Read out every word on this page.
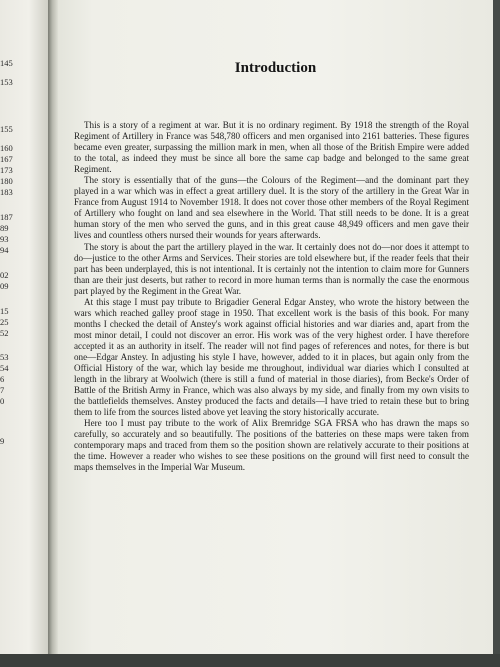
145
153
155
160
167
173
180
183
187
89
93
94
02
09
15
25
52
53
54
6
7
0
9
Introduction

This is a story of a regiment at war. But it is no ordinary regiment. By 1918 the strength of the Royal Regiment of Artillery in France was 548,780 officers and men organised into 2161 batteries. These figures became even greater, surpassing the million mark in men, when all those of the British Empire were added to the total, as indeed they must be since all bore the same cap badge and belonged to the same great Regiment.

The story is essentially that of the guns—the Colours of the Regiment—and the dominant part they played in a war which was in effect a great artillery duel. It is the story of the artillery in the Great War in France from August 1914 to November 1918. It does not cover those other members of the Royal Regiment of Artillery who fought on land and sea elsewhere in the World. That still needs to be done. It is a great human story of the men who served the guns, and in this great cause 48,949 officers and men gave their lives and countless others nursed their wounds for years afterwards.

The story is about the part the artillery played in the war. It certainly does not do—nor does it attempt to do—justice to the other Arms and Services. Their stories are told elsewhere but, if the reader feels that their part has been underplayed, this is not intentional. It is certainly not the intention to claim more for Gunners than are their just deserts, but rather to record in more human terms than is normally the case the enormous part played by the Regiment in the Great War.

At this stage I must pay tribute to Brigadier General Edgar Anstey, who wrote the history between the wars which reached galley proof stage in 1950. That excellent work is the basis of this book. For many months I checked the detail of Anstey's work against official histories and war diaries and, apart from the most minor detail, I could not discover an error. His work was of the very highest order. I have therefore accepted it as an authority in itself. The reader will not find pages of references and notes, for there is but one—Edgar Anstey. In adjusting his style I have, however, added to it in places, but again only from the Official History of the war, which lay beside me throughout, individual war diaries which I consulted at length in the library at Woolwich (there is still a fund of material in those diaries), from Becke's Order of Battle of the British Army in France, which was also always by my side, and finally from my own visits to the battlefields themselves. Anstey produced the facts and details—I have tried to retain these but to bring them to life from the sources listed above yet leaving the story historically accurate.

Here too I must pay tribute to the work of Alix Bremridge SGA FRSA who has drawn the maps so carefully, so accurately and so beautifully. The positions of the batteries on these maps were taken from contemporary maps and traced from them so the position shown are relatively accurate to their positions at the time. However a reader who wishes to see these positions on the ground will first need to consult the maps themselves in the Imperial War Museum.
